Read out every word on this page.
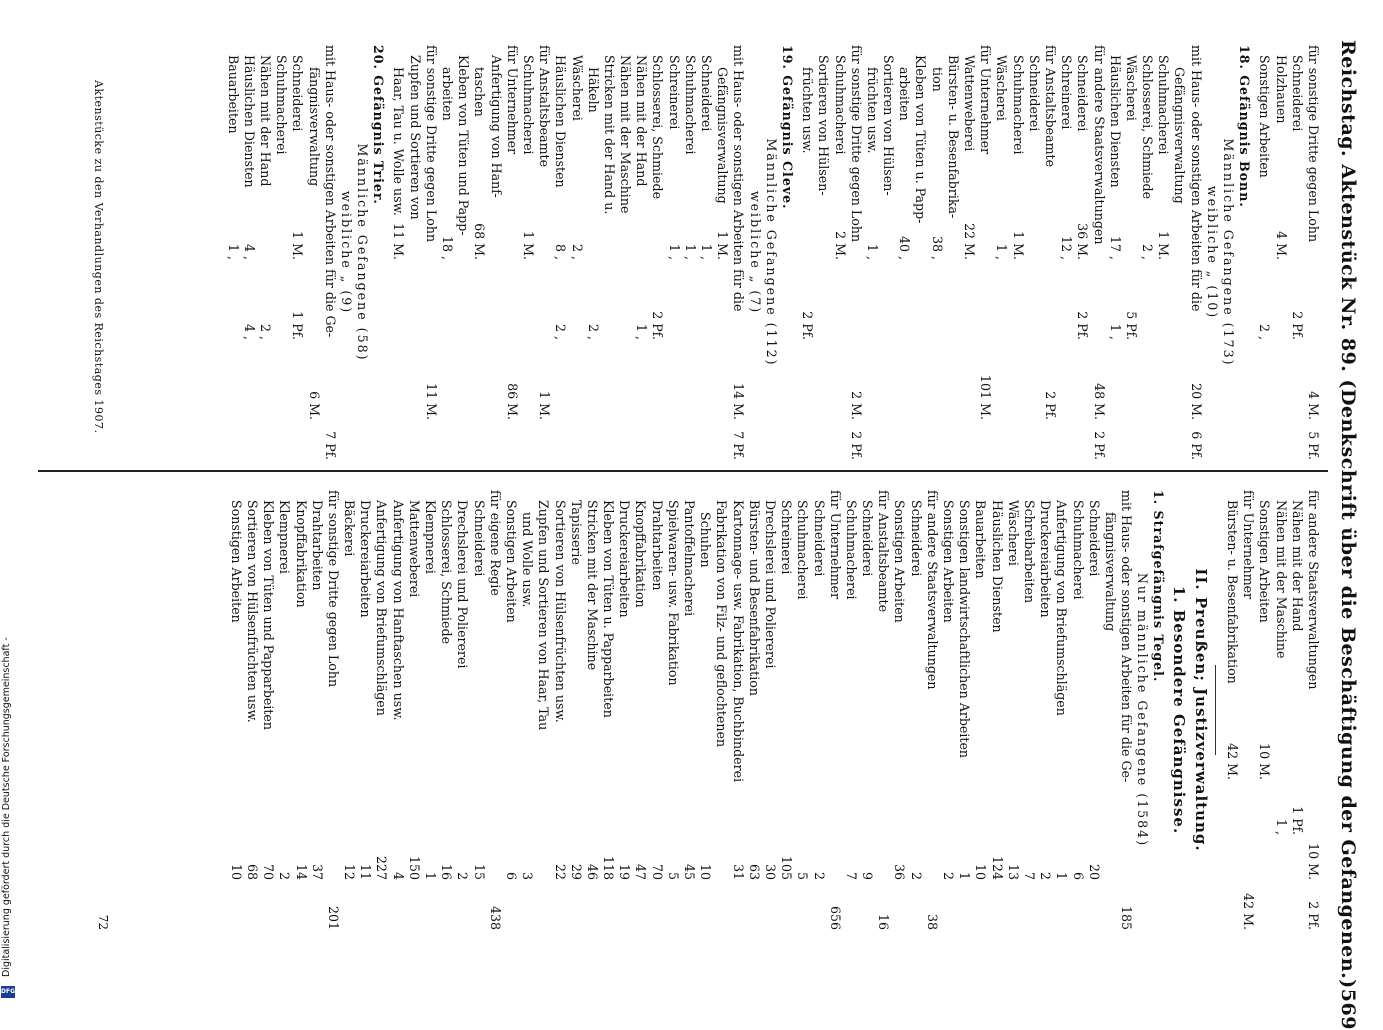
Reichstag. Aktenstück Nr. 89. (Denkschrift über die Beschäftigung der Gefangenen.)
569
für sonstige Dritte gegen Lohn
4 M.
5 Pf.
Schneiderei
2 Pf.
Holzhauen
4 M.
Sonstigen Arbeiten
2 ,
18. Gefängnis Bonn.
Männliche Gefangene (173)
weibliche „ (10)
mit Haus- oder sonstigen Arbeiten für die
20 M.
6 Pf.
Gefängnisverwaltung
Schuhmacherei
1 M.
Schlosserei, Schmiede
2 ,
Wäscherei
5 Pf.
Häuslichen Diensten
17 ,
1 ,
für andere Staatsverwaltungen
48 M.
2 Pf.
Schneiderei
36 M.
2 Pf.
Schreinerei
12 ,
für Anstaltsbeamte
2 Pf.
Schneiderei
Schuhmacherei
1 M.
Wäscherei
1 ,
für Unternehmer
101 M.
Wattenweberei
22 M.
Bürsten- u. Besenfabrika-
tion
38 ,
Kleben von Tüten u. Papp-
arbeiten
40 ,
Sortieren von Hülsen-
früchten usw.
1 ,
für sonstige Dritte gegen Lohn
2 M.
2 Pf.
Schuhmacherei
2 M.
Sortieren von Hülsen-
früchten usw.
2 Pf.
19. Gefängnis Cleve.
Männliche Gefangene (112)
weibliche „ (7)
mit Haus- oder sonstigen Arbeiten für die
14 M.
7 Pf.
Gefängnisverwaltung
1 M.
Schneiderei
1 ,
Schuhmacherei
1 ,
Schreinerei
1 ,
Schlosserei, Schmiede
2 Pf.
Nähen mit der Hand
1 ,
Nähen mit der Maschine
Stricken mit der Hand u.
Häkeln
2 ,
Wäscherei
2 ,
Häuslichen Diensten
8 ,
2 ,
für Anstaltsbeamte
1 M.
Schuhmacherei
1 M.
für Unternehmer
86 M.
Anfertigung von Hanf-
taschen
68 M.
Kleben von Tüten und Papp-
arbeiten
18 ,
für sonstige Dritte gegen Lohn
11 M.
Zupfen und Sortieren von
Haar, Tau u. Wolle usw.
11 M.
20. Gefängnis Trier.
Männliche Gefangene (58)
weibliche „ (9)
mit Haus- oder sonstigen Arbeiten für die Ge-
7 Pf.
fängnisverwaltung
6 M.
Schneiderei
1 M.
1 Pf.
Schuhmacherei
Nähen mit der Hand
2 ,
Häuslichen Diensten
4 ,
4 ,
Bauarbeiten
1 ,
für andere Staatsverwaltungen
10 M.
2 Pf.
Nähen mit der Hand
1 Pf.
Nähen mit der Maschine
1 ,
Sonstigen Arbeiten
10 M.
für Unternehmer
42 M.
Bürsten- u. Besenfabrikation
42 M.
II. Preußen; Justizverwaltung.
1. Besondere Gefängnisse.
1. Strafgefängnis Tegel.
Nur männliche Gefangene (1584)
mit Haus- oder sonstigen Arbeiten für die Ge-
185
fängnisverwaltung
Schneiderei
20
Schuhmacherei
6
Anfertigung von Briefumschlägen
1
Druckereiarbeiten
2
Schreibarbeiten
7
Wäscherei
13
Häuslichen Diensten
124
Bauarbeiten
10
Sonstigen landwirtschaftlichen Arbeiten
1
Sonstigen Arbeiten
2
für andere Staatsverwaltungen
38
Schneiderei
2
Sonstigen Arbeiten
36
für Anstaltsbeamte
16
Schneiderei
9
Schuhmacherei
7
für Unternehmer
656
Schneiderei
2
Schuhmacherei
5
Schreinerei
105
Drechslerei und Poliererei
30
Bürsten- und Besenfabrikation
63
Kartonnage- usw. Fabrikation, Buchbinderei
31
Fabrikation von Filz- und geflochtenen
Schuhen
10
Pantoffelmacherei
45
Spielwaren- usw. Fabrikation
5
Drahtarbeiten
70
Knopffabrikation
47
Druckereiarbeiten
19
Kleben von Tüten u. Papparbeiten
118
Stricken mit der Maschine
46
Tapisserie
29
Sortieren von Hülsenfrüchten usw.
22
Zupfen und Sortieren von Haar, Tau
und Wolle usw.
3
Sonstigen Arbeiten
6
für eigene Regie
438
Schneiderei
15
Drechslerei und Poliererei
2
Schlosserei, Schmiede
16
Klempnerei
1
Mattenweberei
150
Anfertigung von Hanftaschen usw.
4
Anfertigung von Briefumschlägen
227
Druckereiarbeiten
11
Bäckerei
12
für sonstige Dritte gegen Lohn
201
Drahtarbeiten
37
Knopffabrikation
14
Klempnerei
2
Kleben von Tüten und Papparbeiten
70
Sortieren von Hülsenfrüchten usw.
68
Sonstigen Arbeiten
10
72
Aktenstücke zu den Verhandlungen des Reichstages 1907.
Digitalisierung gefördert durch die Deutsche Forschungsgemeinschaft -
DFG
